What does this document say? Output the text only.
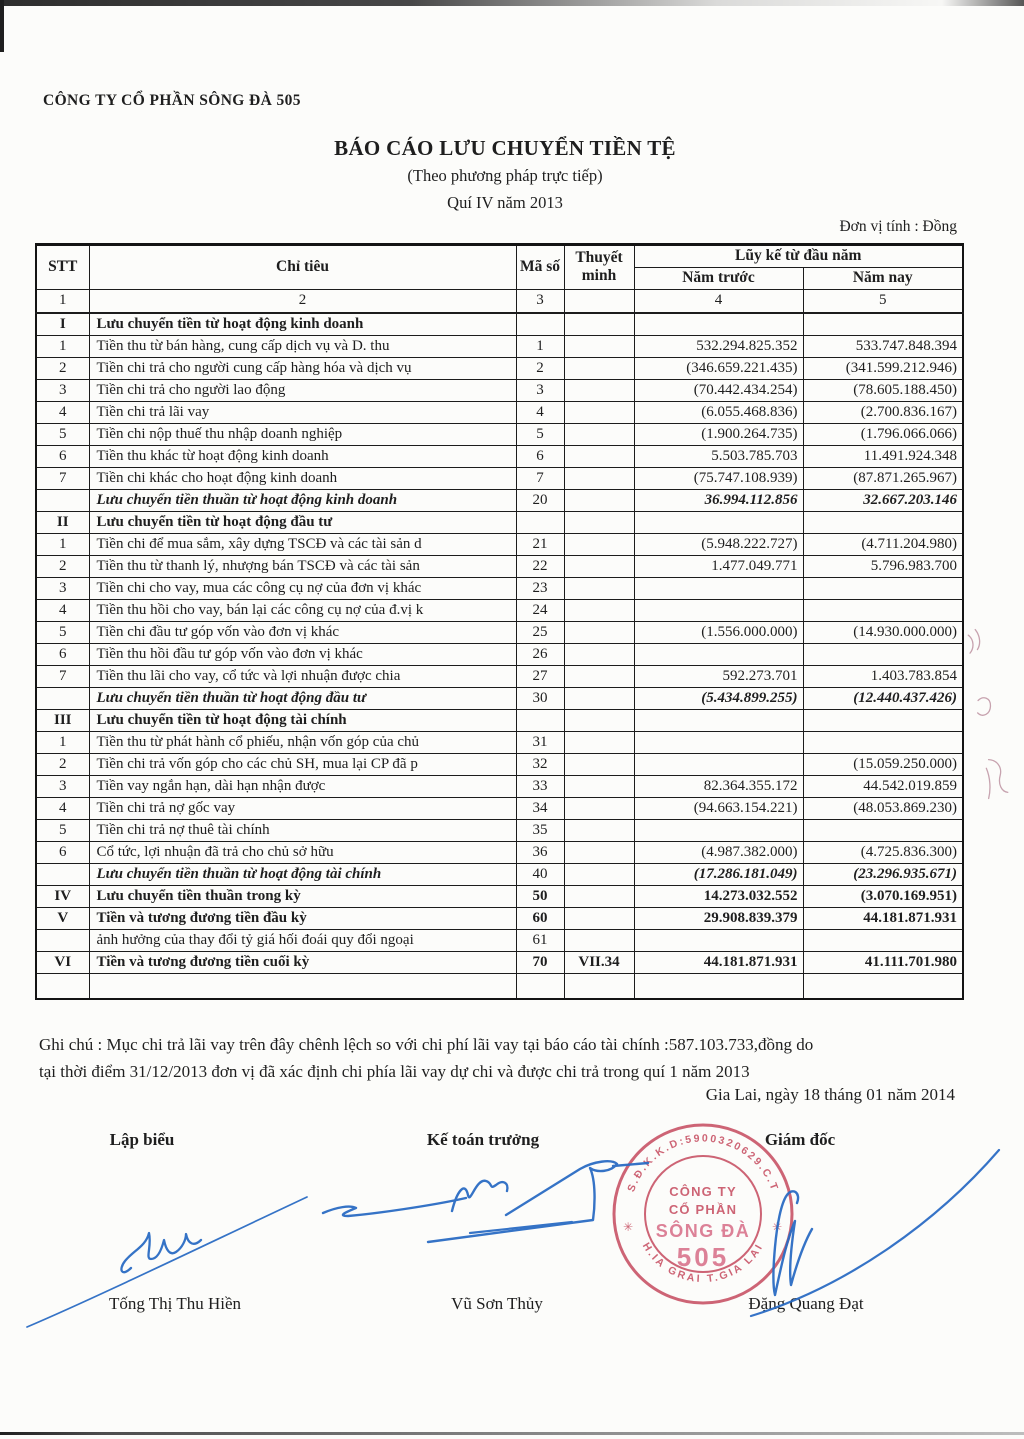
CÔNG TY CỔ PHẦN SÔNG ĐÀ 505
BÁO CÁO LƯU CHUYỂN TIỀN TỆ
(Theo phương pháp trực tiếp)
Quí IV năm 2013
Đơn vị tính : Đồng
STT	Chỉ tiêu	Mã số	Thuyết minh	Lũy kế từ đầu năm	
				Năm trước	Năm nay
1	2	3		4	5
I	Lưu chuyển tiền từ hoạt động kinh doanh				
1	Tiền thu từ bán hàng, cung cấp dịch vụ và D. thu	1		532.294.825.352	533.747.848.394
2	Tiền chi trả cho người cung cấp hàng hóa và dịch vụ	2		(346.659.221.435)	(341.599.212.946)
3	Tiền chi trả cho người lao động	3		(70.442.434.254)	(78.605.188.450)
4	Tiền chi trả lãi vay	4		(6.055.468.836)	(2.700.836.167)
5	Tiền chi nộp thuế thu nhập doanh nghiệp	5		(1.900.264.735)	(1.796.066.066)
6	Tiền thu khác từ hoạt động kinh doanh	6		5.503.785.703	11.491.924.348
7	Tiền chi khác cho hoạt động kinh doanh	7		(75.747.108.939)	(87.871.265.967)
	Lưu chuyển tiền thuần từ hoạt động kinh doanh	20		36.994.112.856	32.667.203.146
II	Lưu chuyển tiền từ hoạt động đầu tư				
1	Tiền chi để mua sắm, xây dựng TSCĐ và các tài sản d	21		(5.948.222.727)	(4.711.204.980)
2	Tiền thu từ thanh lý, nhượng bán TSCĐ và các tài sản	22		1.477.049.771	5.796.983.700
3	Tiền chi cho vay, mua các công cụ nợ của đơn vị khác	23			
4	Tiền thu hồi cho vay, bán lại các công cụ nợ của đ.vị k	24			
5	Tiền chi đầu tư góp vốn vào đơn vị khác	25		(1.556.000.000)	(14.930.000.000)
6	Tiền thu hồi đầu tư góp vốn vào đơn vị khác	26			
7	Tiền thu lãi cho vay, cổ tức và lợi nhuận được chia	27		592.273.701	1.403.783.854
	Lưu chuyển tiền thuần từ hoạt động đầu tư	30		(5.434.899.255)	(12.440.437.426)
III	Lưu chuyển tiền từ hoạt động tài chính				
1	Tiền thu từ phát hành cổ phiếu, nhận vốn góp của chủ	31			
2	Tiền chi trả vốn góp cho các chủ SH, mua lại CP đã p	32			(15.059.250.000)
3	Tiền vay ngắn hạn, dài hạn nhận được	33		82.364.355.172	44.542.019.859
4	Tiền chi trả nợ gốc vay	34		(94.663.154.221)	(48.053.869.230)
5	Tiền chi trả nợ thuê tài chính	35			
6	Cổ tức, lợi nhuận đã trả cho chủ sở hữu	36		(4.987.382.000)	(4.725.836.300)
	Lưu chuyển tiền thuần từ hoạt động tài chính	40		(17.286.181.049)	(23.296.935.671)
IV	Lưu chuyển tiền thuần trong kỳ	50		14.273.032.552	(3.070.169.951)
V	Tiền và tương đương tiền đầu kỳ	60		29.908.839.379	44.181.871.931
	ảnh hưởng của thay đổi tỷ giá hối đoái quy đổi ngoại	61			
VI	Tiền và tương đương tiền cuối kỳ	70	VII.34	44.181.871.931	41.111.701.980

Ghi chú : Mục chi trả lãi vay trên đây chênh lệch so với chi phí lãi vay tại báo cáo tài chính :587.103.733,đồng do
tại thời điểm 31/12/2013 đơn vị đã xác định chi phía lãi vay dự chi và được chi trả trong quí 1 năm 2013
Gia Lai, ngày 18 tháng 01 năm 2014
Lập biểu	Kế toán trưởng	Giám đốc
Tống Thị Thu Hiền	Vũ Sơn Thủy	Đặng Quang Đạt
S.Đ.K.K.D:5900320629.C.T
H.IA GRAI T.GIA LAI
✳	✳
CÔNG TY
CỔ PHẦN
SÔNG ĐÀ
505
